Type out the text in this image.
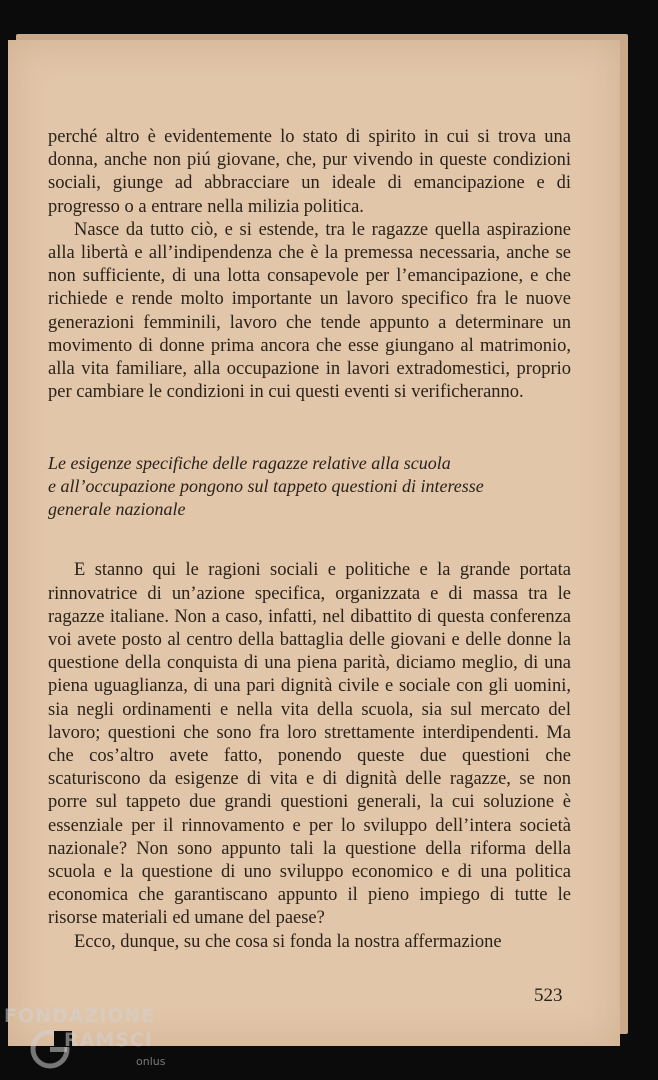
perché altro è evidentemente lo stato di spirito in cui si trova una donna, anche non piú giovane, che, pur vivendo in queste condizioni sociali, giunge ad abbracciare un ideale di emancipazione e di progresso o a entrare nella milizia politica.

Nasce da tutto ciò, e si estende, tra le ragazze quella aspirazione alla libertà e all’indipendenza che è la premessa necessaria, anche se non sufficiente, di una lotta consapevole per l’emancipazione, e che richiede e rende molto importante un lavoro specifico fra le nuove generazioni femminili, lavoro che tende appunto a determinare un movimento di donne prima ancora che esse giungano al matrimonio, alla vita familiare, alla occupazione in lavori extradomestici, proprio per cambiare le condizioni in cui questi eventi si verificheranno.

Le esigenze specifiche delle ragazze relative alla scuola
e all’occupazione pongono sul tappeto questioni di interesse
generale nazionale

E stanno qui le ragioni sociali e politiche e la grande portata rinnovatrice di un’azione specifica, organizzata e di massa tra le ragazze italiane. Non a caso, infatti, nel dibattito di questa conferenza voi avete posto al centro della battaglia delle giovani e delle donne la questione della conquista di una piena parità, diciamo meglio, di una piena uguaglianza, di una pari dignità civile e sociale con gli uomini, sia negli ordinamenti e nella vita della scuola, sia sul mercato del lavoro; questioni che sono fra loro strettamente interdipendenti. Ma che cos’altro avete fatto, ponendo queste due questioni che scaturiscono da esigenze di vita e di dignità delle ragazze, se non porre sul tappeto due grandi questioni generali, la cui soluzione è essenziale per il rinnovamento e per lo sviluppo dell’intera società nazionale? Non sono appunto tali la questione della riforma della scuola e la questione di uno sviluppo economico e di una politica economica che garantiscano appunto il pieno impiego di tutte le risorse materiali ed umane del paese?

Ecco, dunque, su che cosa si fonda la nostra affermazione

523
FONDAZIONE
RAMSCI
onlus
